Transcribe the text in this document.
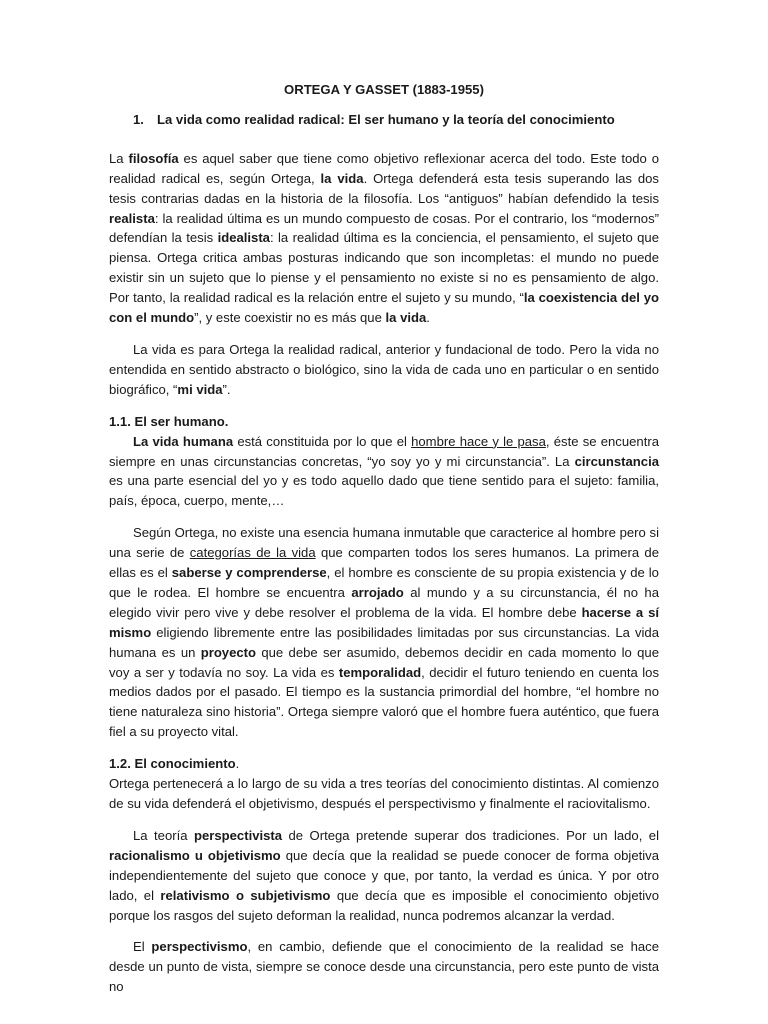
ORTEGA Y GASSET (1883-1955)
1. La vida como realidad radical: El ser humano y la teoría del conocimiento

La filosofía es aquel saber que tiene como objetivo reflexionar acerca del todo. Este todo o realidad radical es, según Ortega, la vida. Ortega defenderá esta tesis superando las dos tesis contrarias dadas en la historia de la filosofía. Los “antiguos” habían defendido la tesis realista: la realidad última es un mundo compuesto de cosas. Por el contrario, los “modernos” defendían la tesis idealista: la realidad última es la conciencia, el pensamiento, el sujeto que piensa. Ortega critica ambas posturas indicando que son incompletas: el mundo no puede existir sin un sujeto que lo piense y el pensamiento no existe si no es pensamiento de algo. Por tanto, la realidad radical es la relación entre el sujeto y su mundo, “la coexistencia del yo con el mundo”, y este coexistir no es más que la vida.

La vida es para Ortega la realidad radical, anterior y fundacional de todo. Pero la vida no entendida en sentido abstracto o biológico, sino la vida de cada uno en particular o en sentido biográfico, “mi vida”.

1.1. El ser humano.

La vida humana está constituida por lo que el hombre hace y le pasa, éste se encuentra siempre en unas circunstancias concretas, “yo soy yo y mi circunstancia”. La circunstancia es una parte esencial del yo y es todo aquello dado que tiene sentido para el sujeto: familia, país, época, cuerpo, mente,…

Según Ortega, no existe una esencia humana inmutable que caracterice al hombre pero si una serie de categorías de la vida que comparten todos los seres humanos. La primera de ellas es el saberse y comprenderse, el hombre es consciente de su propia existencia y de lo que le rodea. El hombre se encuentra arrojado al mundo y a su circunstancia, él no ha elegido vivir pero vive y debe resolver el problema de la vida. El hombre debe hacerse a sí mismo eligiendo libremente entre las posibilidades limitadas por sus circunstancias. La vida humana es un proyecto que debe ser asumido, debemos decidir en cada momento lo que voy a ser y todavía no soy. La vida es temporalidad, decidir el futuro teniendo en cuenta los medios dados por el pasado. El tiempo es la sustancia primordial del hombre, “el hombre no tiene naturaleza sino historia”. Ortega siempre valoró que el hombre fuera auténtico, que fuera fiel a su proyecto vital.

1.2. El conocimiento.

Ortega pertenecerá a lo largo de su vida a tres teorías del conocimiento distintas. Al comienzo de su vida defenderá el objetivismo, después el perspectivismo y finalmente el raciovitalismo.

La teoría perspectivista de Ortega pretende superar dos tradiciones. Por un lado, el racionalismo u objetivismo que decía que la realidad se puede conocer de forma objetiva independientemente del sujeto que conoce y que, por tanto, la verdad es única. Y por otro lado, el relativismo o subjetivismo que decía que es imposible el conocimiento objetivo porque los rasgos del sujeto deforman la realidad, nunca podremos alcanzar la verdad.

El perspectivismo, en cambio, defiende que el conocimiento de la realidad se hace desde un punto de vista, siempre se conoce desde una circunstancia, pero este punto de vista no
